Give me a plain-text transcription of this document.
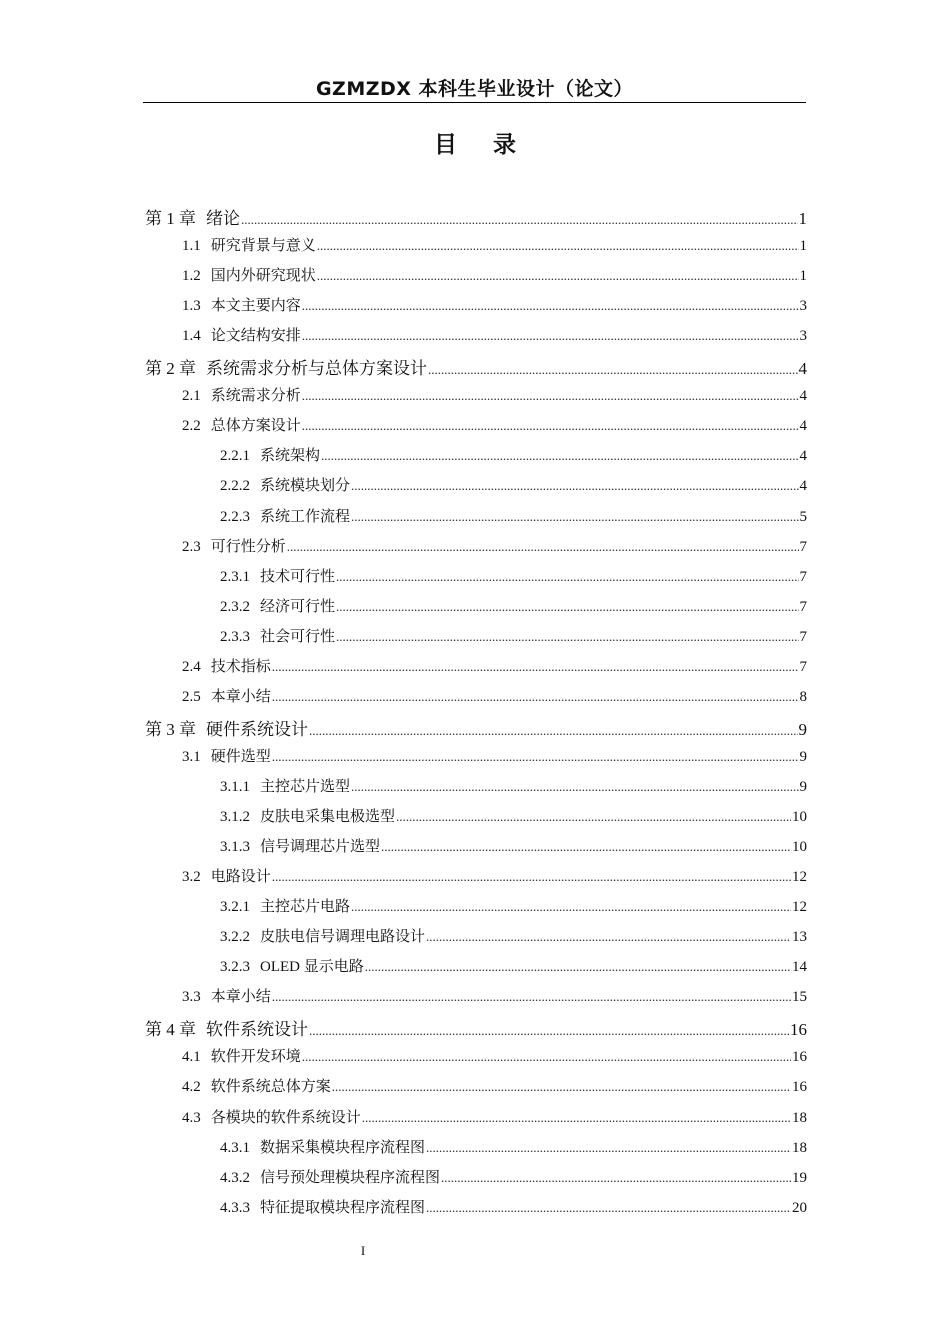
GZMZDX 本科生毕业设计（论文）
目 录
第 1 章 绪论 .....	1
1.1 研究背景与意义 .....	1
1.2 国内外研究现状 .....	1
1.3 本文主要内容 .....	3
1.4 论文结构安排 .....	3
第 2 章 系统需求分析与总体方案设计 .....	4
2.1 系统需求分析 .....	4
2.2 总体方案设计 .....	4
2.2.1 系统架构 .....	4
2.2.2 系统模块划分 .....	4
2.2.3 系统工作流程 .....	5
2.3 可行性分析 .....	7
2.3.1 技术可行性 .....	7
2.3.2 经济可行性 .....	7
2.3.3 社会可行性 .....	7
2.4 技术指标 .....	7
2.5 本章小结 .....	8
第 3 章 硬件系统设计 .....	9
3.1 硬件选型 .....	9
3.1.1 主控芯片选型 .....	9
3.1.2 皮肤电采集电极选型 .....	10
3.1.3 信号调理芯片选型 .....	10
3.2 电路设计 .....	12
3.2.1 主控芯片电路 .....	12
3.2.2 皮肤电信号调理电路设计 .....	13
3.2.3 OLED 显示电路 .....	14
3.3 本章小结 .....	15
第 4 章 软件系统设计 .....	16
4.1 软件开发环境 .....	16
4.2 软件系统总体方案 .....	16
4.3 各模块的软件系统设计 .....	18
4.3.1 数据采集模块程序流程图 .....	18
4.3.2 信号预处理模块程序流程图 .....	19
4.3.3 特征提取模块程序流程图 .....	20
I
